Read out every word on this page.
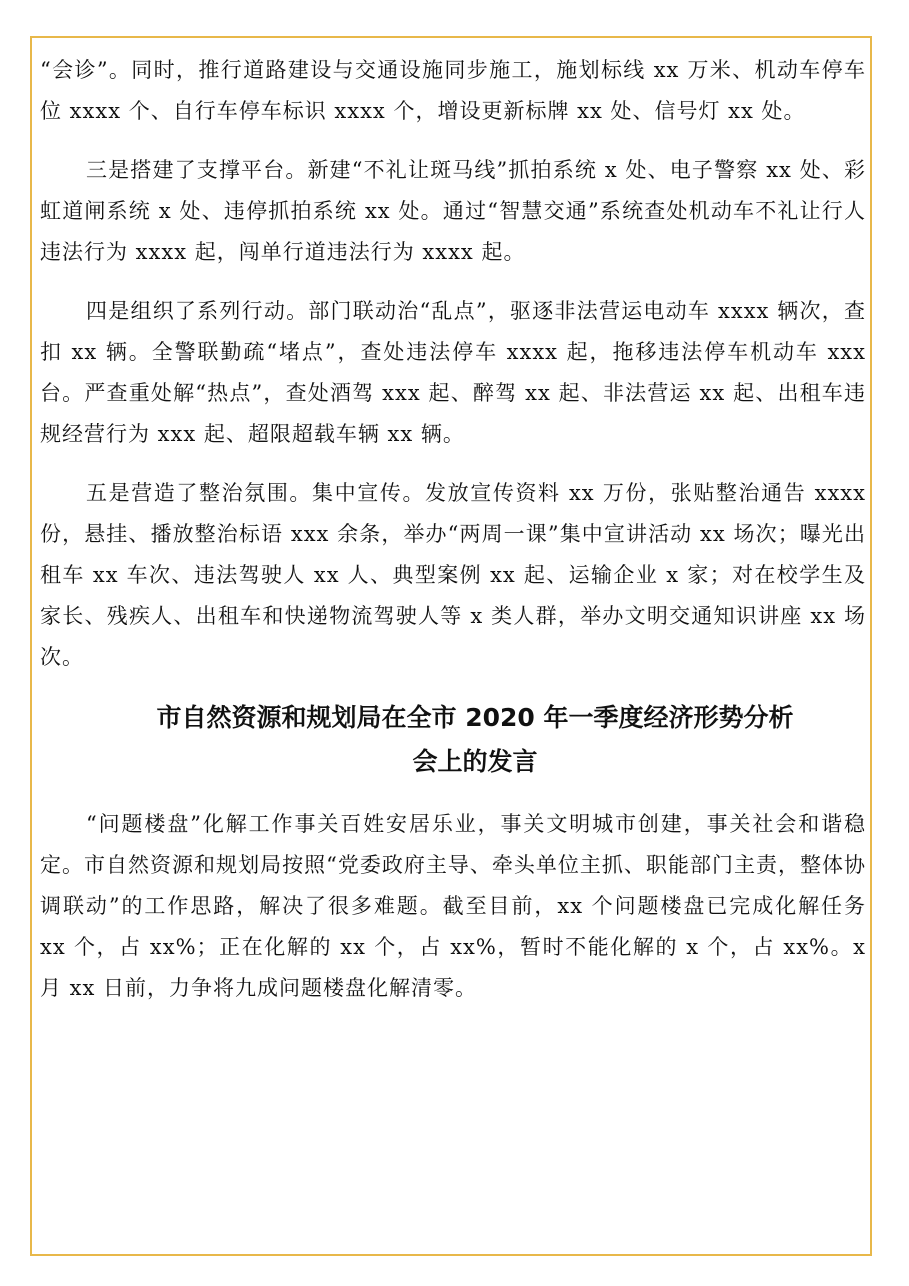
“会诊”。同时，推行道路建设与交通设施同步施工，施划标线 xx 万米、机动车停车位 xxxx 个、自行车停车标识 xxxx 个，增设更新标牌 xx 处、信号灯 xx 处。

三是搭建了支撑平台。新建“不礼让斑马线”抓拍系统 x 处、电子警察 xx 处、彩虹道闸系统 x 处、违停抓拍系统 xx 处。通过“智慧交通”系统查处机动车不礼让行人违法行为 xxxx 起，闯单行道违法行为 xxxx 起。

四是组织了系列行动。部门联动治“乱点”，驱逐非法营运电动车 xxxx 辆次，查扣 xx 辆。全警联勤疏“堵点”，查处违法停车 xxxx 起，拖移违法停车机动车 xxx 台。严查重处解“热点”，查处酒驾 xxx 起、醉驾 xx 起、非法营运 xx 起、出租车违规经营行为 xxx 起、超限超载车辆 xx 辆。

五是营造了整治氛围。集中宣传。发放宣传资料 xx 万份，张贴整治通告 xxxx 份，悬挂、播放整治标语 xxx 余条，举办“两周一课”集中宣讲活动 xx 场次；曝光出租车 xx 车次、违法驾驶人 xx 人、典型案例 xx 起、运输企业 x 家；对在校学生及家长、残疾人、出租车和快递物流驾驶人等 x 类人群，举办文明交通知识讲座 xx 场次。

市自然资源和规划局在全市 2020 年一季度经济形势分析
会上的发言

“问题楼盘”化解工作事关百姓安居乐业，事关文明城市创建，事关社会和谐稳定。市自然资源和规划局按照“党委政府主导、牵头单位主抓、职能部门主责，整体协调联动”的工作思路，解决了很多难题。截至目前，xx 个问题楼盘已完成化解任务 xx 个，占 xx%；正在化解的 xx 个，占 xx%，暂时不能化解的 x 个，占 xx%。x 月 xx 日前，力争将九成问题楼盘化解清零。
